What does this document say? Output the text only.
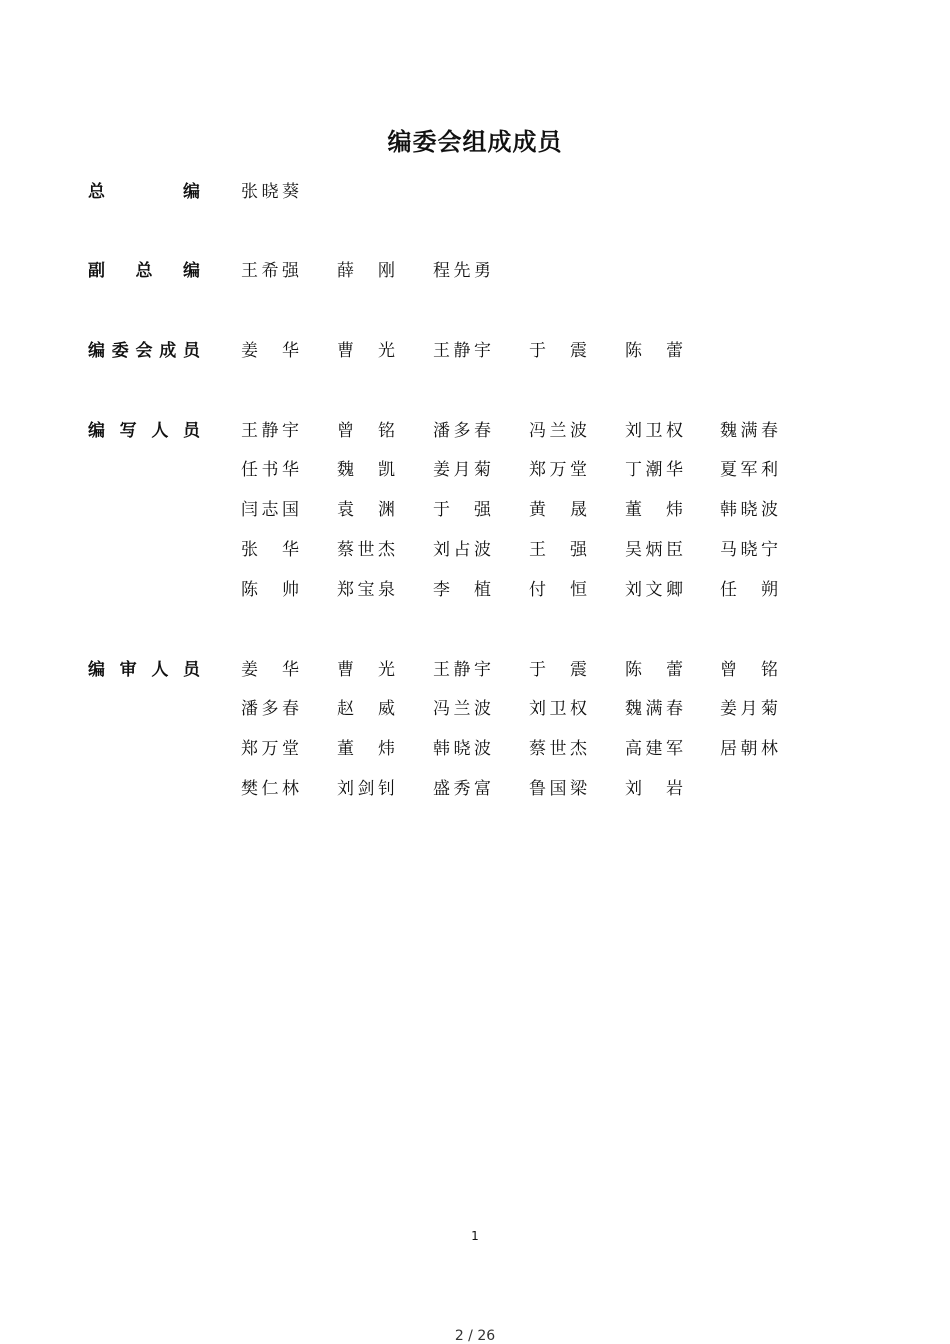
编委会组成成员
总编 张晓葵
副总编 王希强 薛刚 程先勇
编委会成员 姜华 曹光 王静宇 于震 陈蕾
编写人员 王静宇 曾铭 潘多春 冯兰波 刘卫权 魏满春
任书华 魏凯 姜月菊 郑万堂 丁潮华 夏军利
闫志国 袁渊 于强 黄晟 董炜 韩晓波
张华 蔡世杰 刘占波 王强 吴炳臣 马晓宁
陈帅 郑宝泉 李植 付恒 刘文卿 任朔
编审人员 姜华 曹光 王静宇 于震 陈蕾 曾铭
潘多春 赵威 冯兰波 刘卫权 魏满春 姜月菊
郑万堂 董炜 韩晓波 蔡世杰 高建军 居朝林
樊仁林 刘剑钊 盛秀富 鲁国梁 刘岩
1
2 / 26
